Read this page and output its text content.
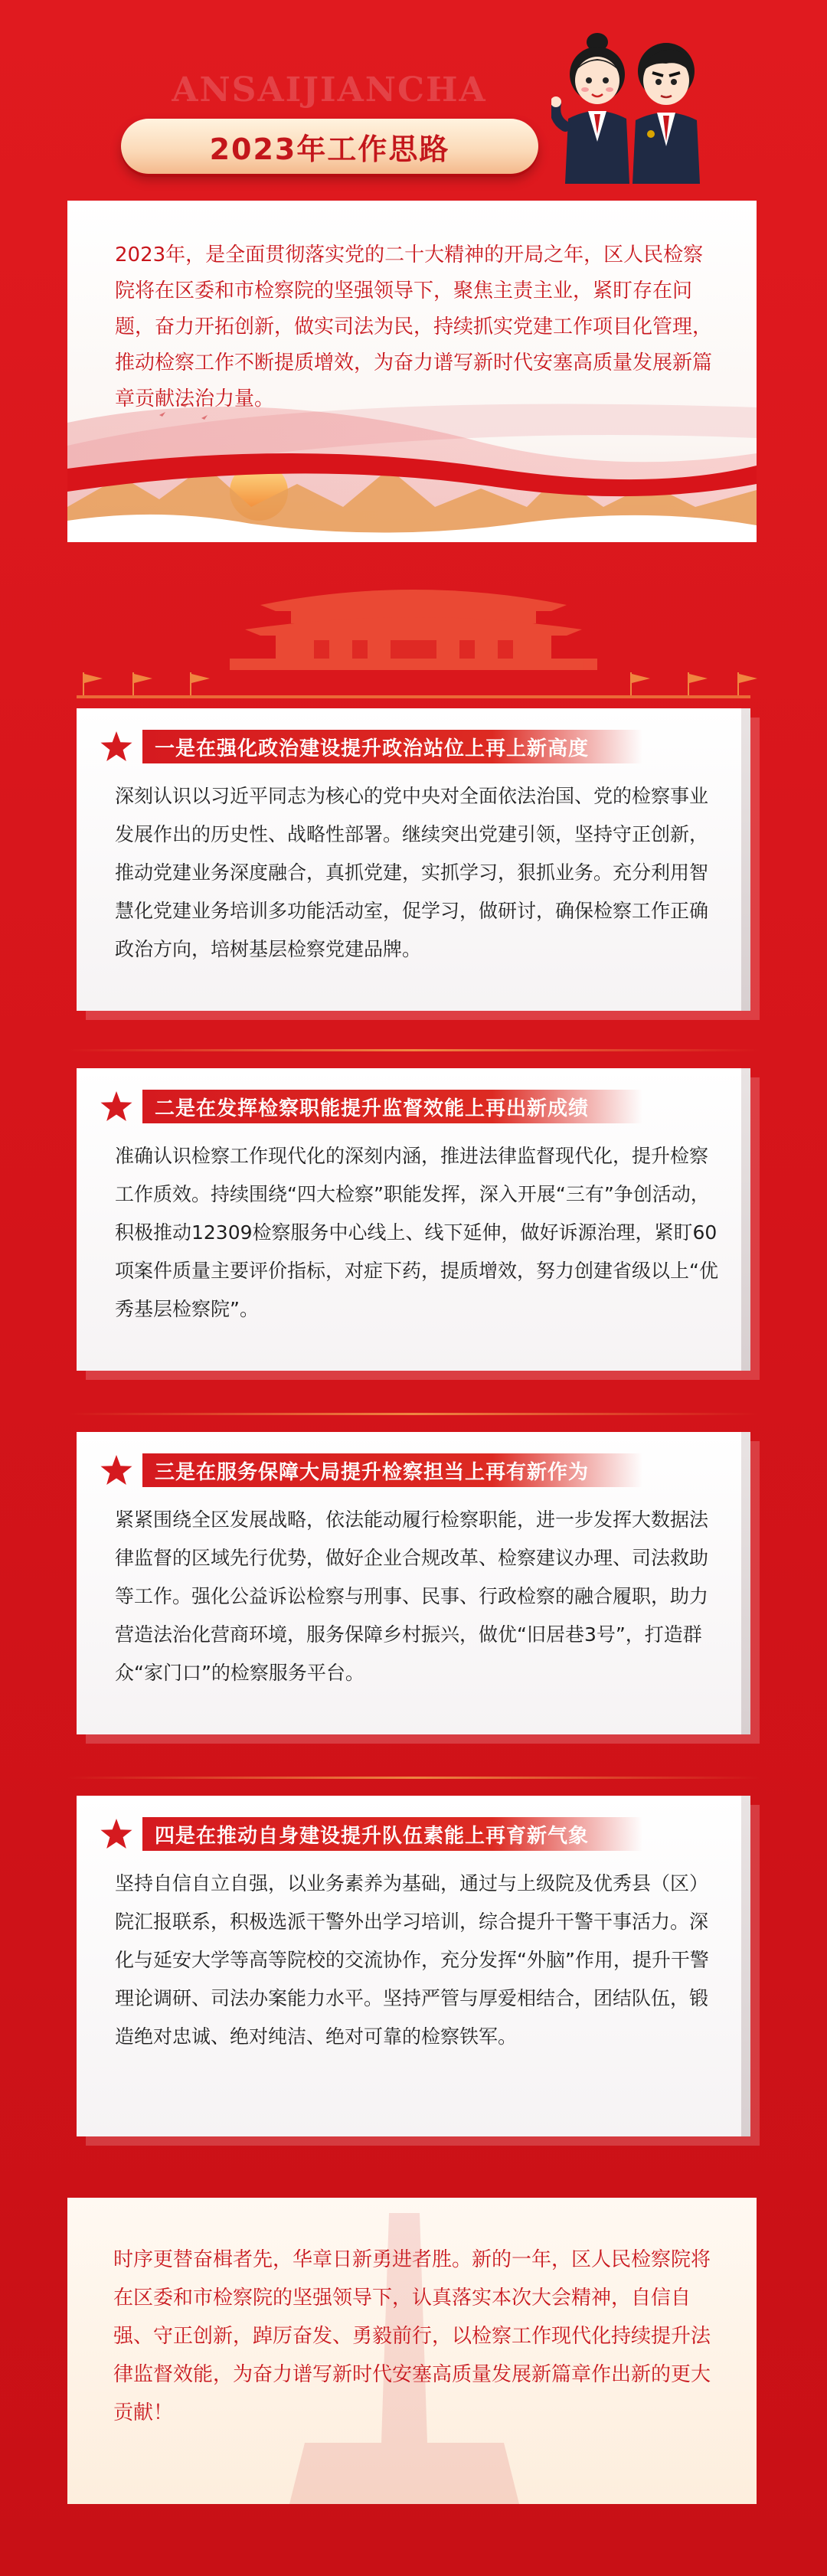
ANSAIJIANCHA
2023年工作思路
2023年，是全面贯彻落实党的二十大精神的开局之年，区人民检察院将在区委和市检察院的坚强领导下，聚焦主责主业，紧盯存在问题，奋力开拓创新，做实司法为民，持续抓实党建工作项目化管理，推动检察工作不断提质增效，为奋力谱写新时代安塞高质量发展新篇章贡献法治力量。
一是在强化政治建设提升政治站位上再上新高度
深刻认识以习近平同志为核心的党中央对全面依法治国、党的检察事业发展作出的历史性、战略性部署。继续突出党建引领，坚持守正创新，推动党建业务深度融合，真抓党建，实抓学习，狠抓业务。充分利用智慧化党建业务培训多功能活动室，促学习，做研讨，确保检察工作正确政治方向，培树基层检察党建品牌。
二是在发挥检察职能提升监督效能上再出新成绩
准确认识检察工作现代化的深刻内涵，推进法律监督现代化，提升检察工作质效。持续围绕“四大检察”职能发挥，深入开展“三有”争创活动，积极推动12309检察服务中心线上、线下延伸，做好诉源治理，紧盯60项案件质量主要评价指标，对症下药，提质增效，努力创建省级以上“优秀基层检察院”。
三是在服务保障大局提升检察担当上再有新作为
紧紧围绕全区发展战略，依法能动履行检察职能，进一步发挥大数据法律监督的区域先行优势，做好企业合规改革、检察建议办理、司法救助等工作。强化公益诉讼检察与刑事、民事、行政检察的融合履职，助力营造法治化营商环境，服务保障乡村振兴，做优“旧居巷3号”，打造群众“家门口”的检察服务平台。
四是在推动自身建设提升队伍素能上再育新气象
坚持自信自立自强，以业务素养为基础，通过与上级院及优秀县（区）院汇报联系，积极选派干警外出学习培训，综合提升干警干事活力。深化与延安大学等高等院校的交流协作，充分发挥“外脑”作用，提升干警理论调研、司法办案能力水平。坚持严管与厚爱相结合，团结队伍，锻造绝对忠诚、绝对纯洁、绝对可靠的检察铁军。
时序更替奋楫者先，华章日新勇进者胜。新的一年，区人民检察院将在区委和市检察院的坚强领导下，认真落实本次大会精神，自信自强、守正创新，踔厉奋发、勇毅前行，以检察工作现代化持续提升法律监督效能，为奋力谱写新时代安塞高质量发展新篇章作出新的更大贡献！
